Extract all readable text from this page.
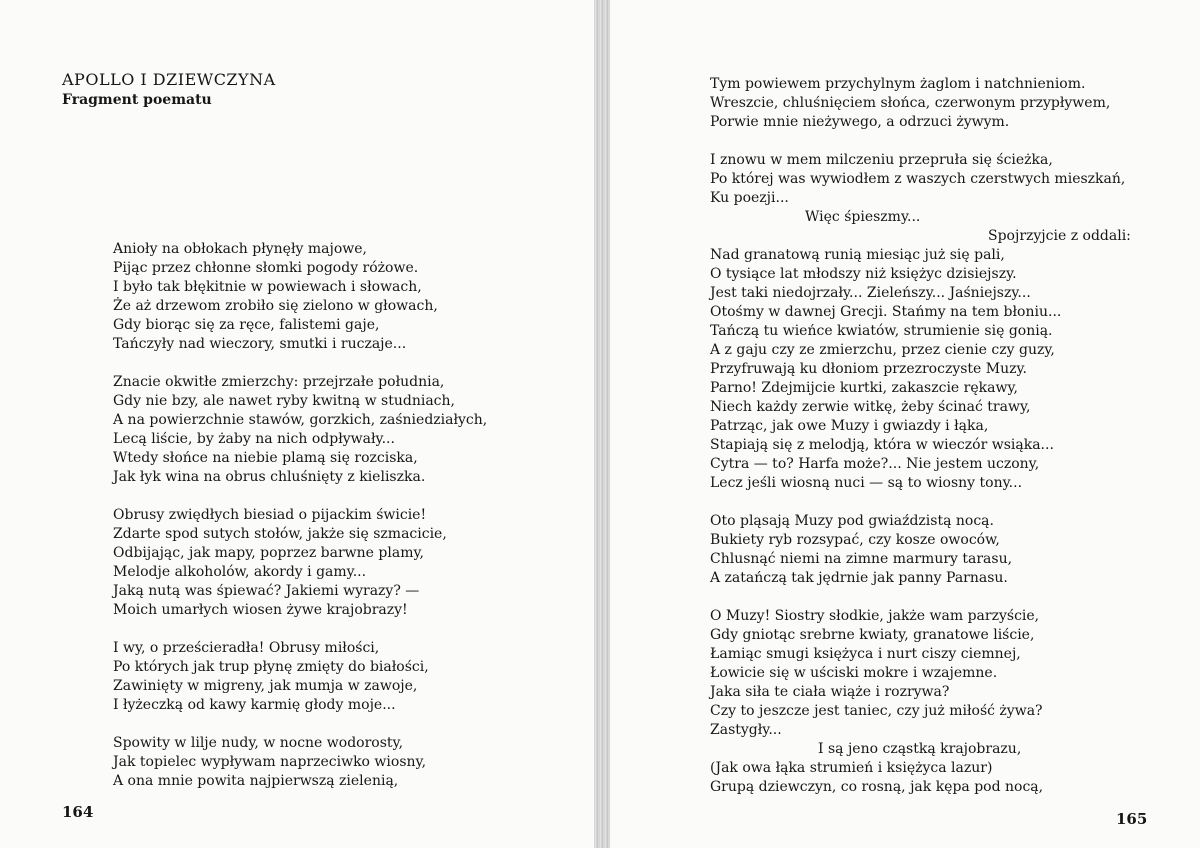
APOLLO I DZIEWCZYNA
Fragment poematu
Anioły na obłokach płynęły majowe,
Pijąc przez chłonne słomki pogody różowe.
I było tak błękitnie w powiewach i słowach,
Że aż drzewom zrobiło się zielono w głowach,
Gdy biorąc się za ręce, falistemi gaje,
Tańczyły nad wieczory, smutki i ruczaje...
Znacie okwitłe zmierzchy: przejrzałe południa,
Gdy nie bzy, ale nawet ryby kwitną w studniach,
A na powierzchnie stawów, gorzkich, zaśniedziałych,
Lecą liście, by żaby na nich odpływały...
Wtedy słońce na niebie plamą się rozciska,
Jak łyk wina na obrus chluśnięty z kieliszka.
Obrusy zwiędłych biesiad o pijackim świcie!
Zdarte spod sutych stołów, jakże się szmacicie,
Odbijając, jak mapy, poprzez barwne plamy,
Melodje alkoholów, akordy i gamy...
Jaką nutą was śpiewać? Jakiemi wyrazy? —
Moich umarłych wiosen żywe krajobrazy!
I wy, o prześcieradła! Obrusy miłości,
Po których jak trup płynę zmięty do białości,
Zawinięty w migreny, jak mumja w zawoje,
I łyżeczką od kawy karmię głody moje...
Spowity w lilje nudy, w nocne wodorosty,
Jak topielec wypływam naprzeciwko wiosny,
A ona mnie powita najpierwszą zielenią,
Tym powiewem przychylnym żaglom i natchnieniom.
Wreszcie, chluśnięciem słońca, czerwonym przypływem,
Porwie mnie nieżywego, a odrzuci żywym.
I znowu w mem milczeniu przepruła się ścieżka,
Po której was wywiodłem z waszych czerstwych mieszkań,
Ku poezji...
Więc śpieszmy...
Spojrzyjcie z oddali:
Nad granatową runią miesiąc już się pali,
O tysiące lat młodszy niż księżyc dzisiejszy.
Jest taki niedojrzały... Zieleńszy... Jaśniejszy...
Otośmy w dawnej Grecji. Stańmy na tem błoniu...
Tańczą tu wieńce kwiatów, strumienie się gonią.
A z gaju czy ze zmierzchu, przez cienie czy guzy,
Przyfruwają ku dłoniom przezroczyste Muzy.
Parno! Zdejmijcie kurtki, zakaszcie rękawy,
Niech każdy zerwie witkę, żeby ścinać trawy,
Patrząc, jak owe Muzy i gwiazdy i łąka,
Stapiają się z melodją, która w wieczór wsiąka...
Cytra — to? Harfa może?... Nie jestem uczony,
Lecz jeśli wiosną nuci — są to wiosny tony...
Oto pląsają Muzy pod gwiaździstą nocą.
Bukiety ryb rozsypać, czy kosze owoców,
Chlusnąć niemi na zimne marmury tarasu,
A zatańczą tak jędrnie jak panny Parnasu.
O Muzy! Siostry słodkie, jakże wam parzyście,
Gdy gniotąc srebrne kwiaty, granatowe liście,
Łamiąc smugi księżyca i nurt ciszy ciemnej,
Łowicie się w uściski mokre i wzajemne.
Jaka siła te ciała wiąże i rozrywa?
Czy to jeszcze jest taniec, czy już miłość żywa?
Zastygły...
I są jeno cząstką krajobrazu,
(Jak owa łąka strumień i księżyca lazur)
Grupą dziewczyn, co rosną, jak kępa pod nocą,
164	165
